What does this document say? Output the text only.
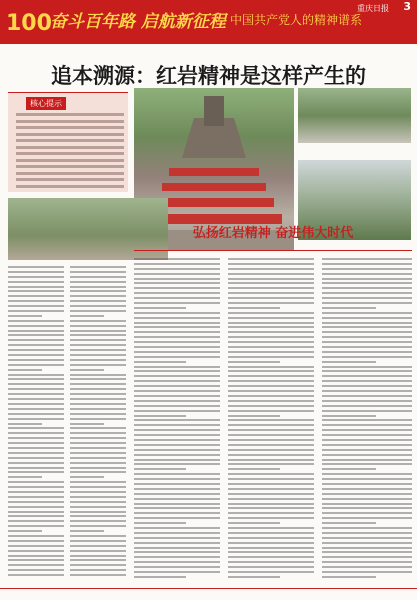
100
奋斗百年路 启航新征程 中国共产党人的精神谱系
重庆日报 3
追本溯源：红岩精神是这样产生的
核心提示
弘扬红岩精神 奋进伟大时代
